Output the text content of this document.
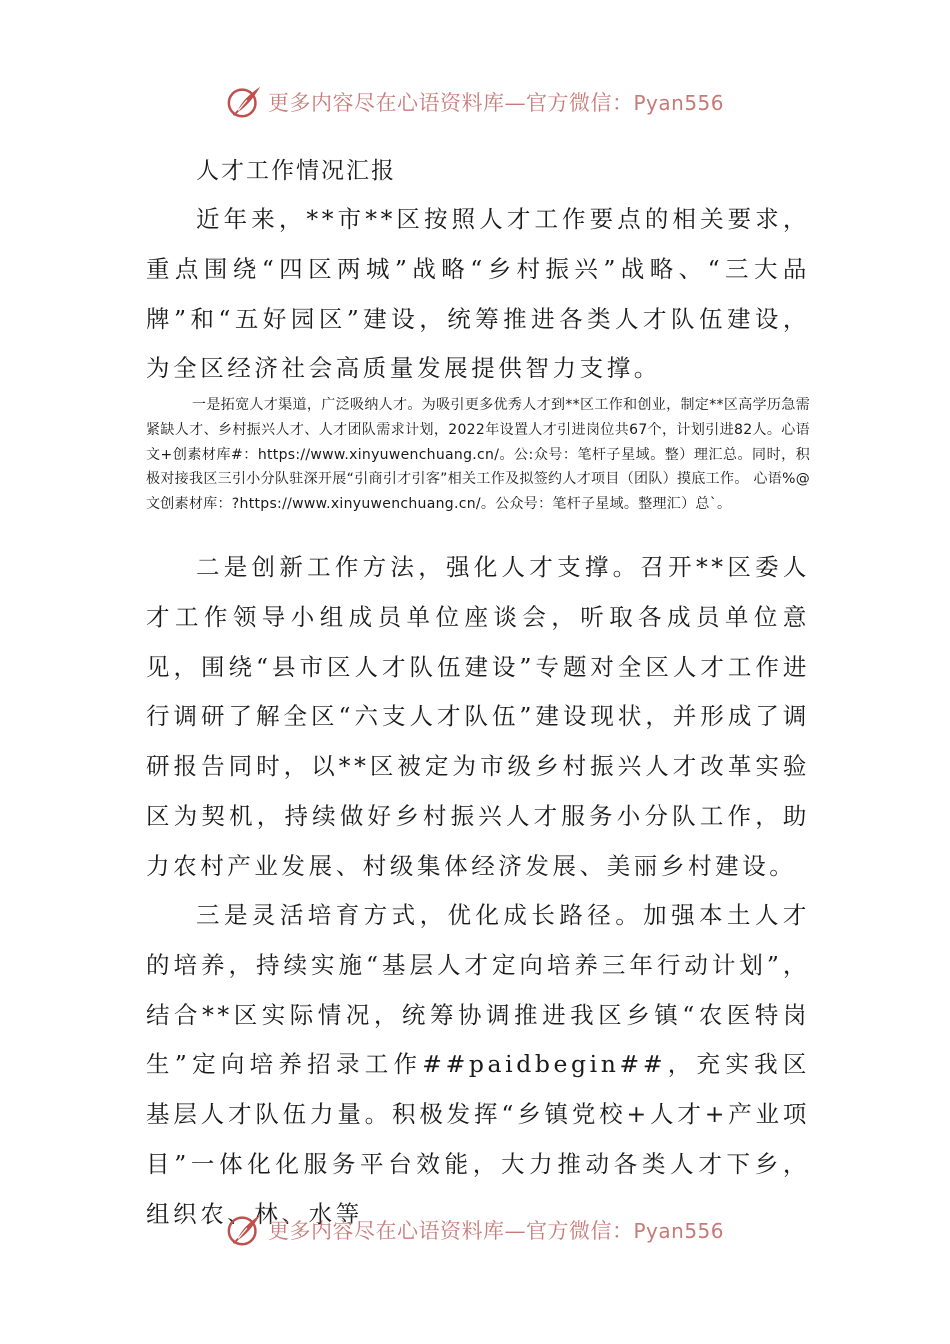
更多内容尽在心语资料库—官方微信：Pyan556
人才工作情况汇报

近年来，**市**区按照人才工作要点的相关要求，重点围绕“四区两城”战略“乡村振兴”战略、“三大品牌”和“五好园区”建设，统筹推进各类人才队伍建设，为全区经济社会高质量发展提供智力支撑。

一是拓宽人才渠道，广泛吸纳人才。为吸引更多优秀人才到**区工作和创业，制定**区高学历急需紧缺人才、乡村振兴人才、人才团队需求计划，2022年设置人才引进岗位共67个，计划引进82人。心语文+创素材库#：https://www.xinyuwenchuang.cn/。公:众号：笔杆子星域。整）理汇总。同时，积极对接我区三引小分队驻深开展“引商引才引客”相关工作及拟签约人才项目（团队）摸底工作。 心语%@文创素材库：?https://www.xinyuwenchuang.cn/。公众号：笔杆子星域。整理汇）总`。

二是创新工作方法，强化人才支撑。召开**区委人才工作领导小组成员单位座谈会，听取各成员单位意见，围绕“县市区人才队伍建设”专题对全区人才工作进行调研了解全区“六支人才队伍”建设现状，并形成了调研报告同时，以**区被定为市级乡村振兴人才改革实验区为契机，持续做好乡村振兴人才服务小分队工作，助力农村产业发展、村级集体经济发展、美丽乡村建设。

三是灵活培育方式，优化成长路径。加强本土人才的培养，持续实施“基层人才定向培养三年行动计划”，结合**区实际情况，统筹协调推进我区乡镇“农医特岗生”定向培养招录工作##paidbegin##，充实我区基层人才队伍力量。积极发挥“乡镇党校+人才+产业项目”一体化化服务平台效能，大力推动各类人才下乡，组织农、林、水等

更多内容尽在心语资料库—官方微信：Pyan556
